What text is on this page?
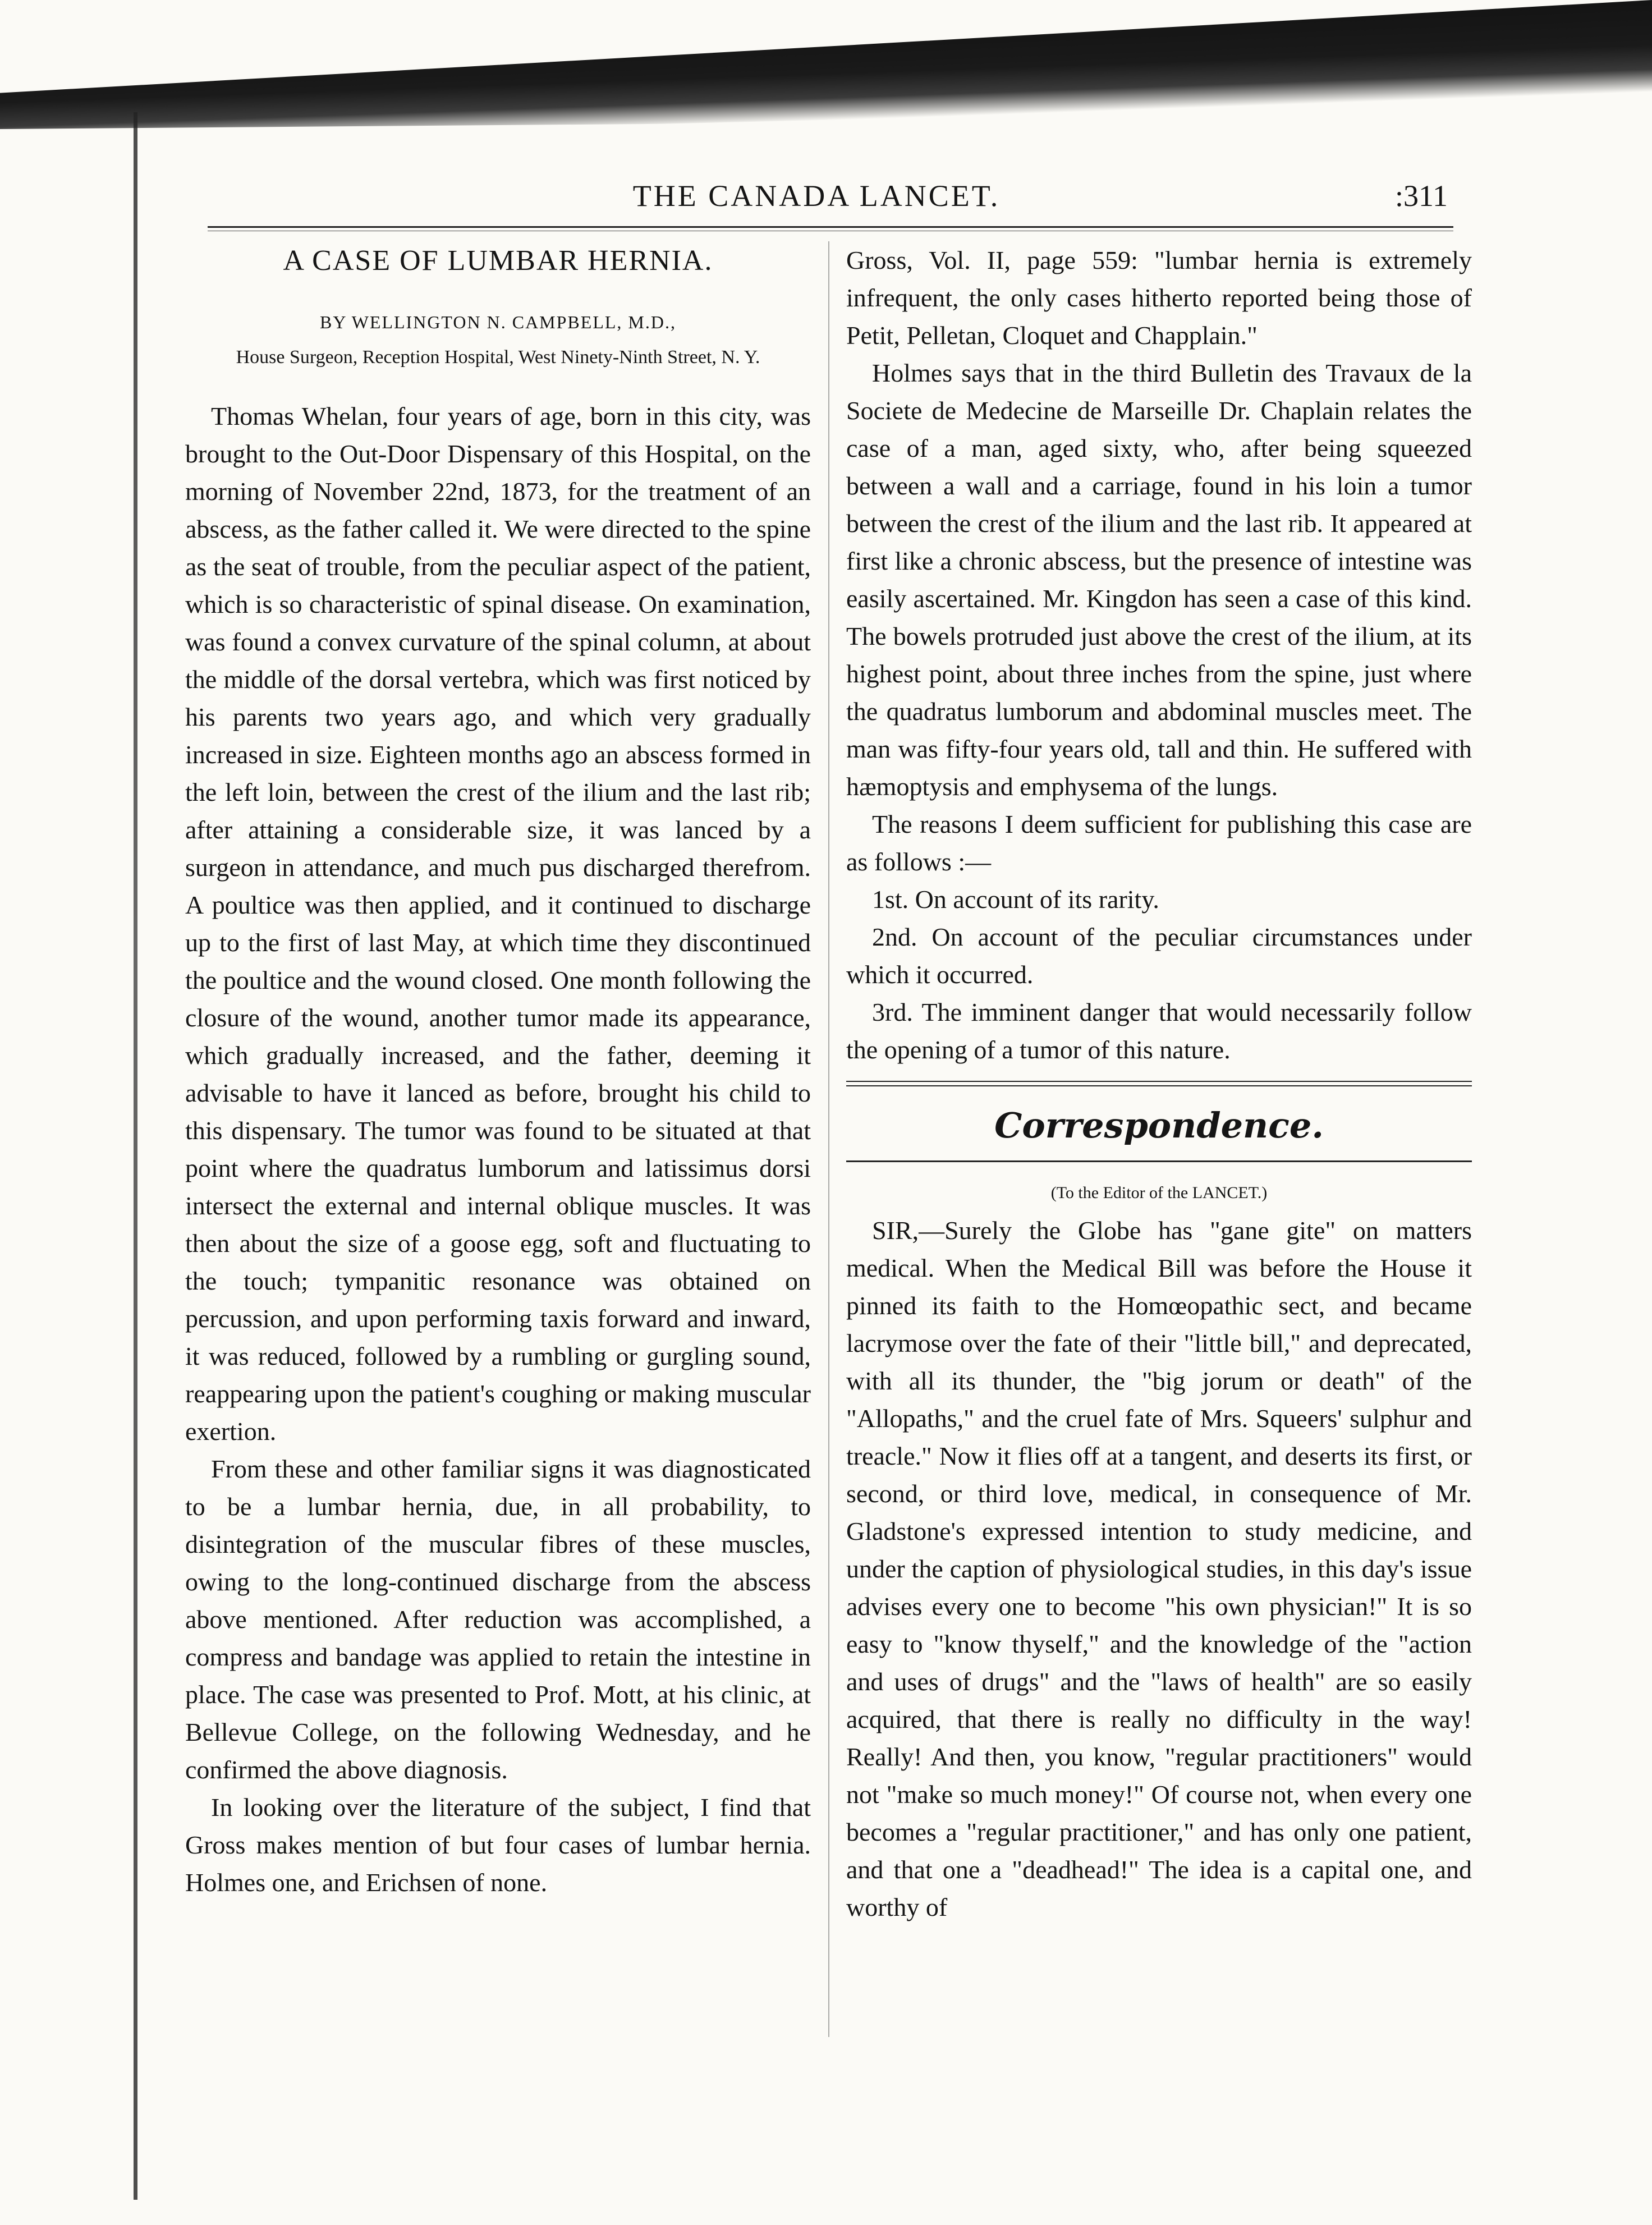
THE CANADA LANCET.	:311
A CASE OF LUMBAR HERNIA.
BY WELLINGTON N. CAMPBELL, M.D.,
House Surgeon, Reception Hospital, West Ninety-Ninth Street, N. Y.

Thomas Whelan, four years of age, born in this city, was brought to the Out-Door Dispensary of this Hospital, on the morning of November 22nd, 1873, for the treatment of an abscess, as the father called it. We were directed to the spine as the seat of trouble, from the peculiar aspect of the patient, which is so characteristic of spinal disease. On examination, was found a convex curvature of the spinal column, at about the middle of the dorsal vertebra, which was first noticed by his parents two years ago, and which very gradually increased in size. Eighteen months ago an abscess formed in the left loin, between the crest of the ilium and the last rib; after attaining a considerable size, it was lanced by a surgeon in attendance, and much pus discharged therefrom. A poultice was then applied, and it continued to discharge up to the first of last May, at which time they discontinued the poultice and the wound closed. One month following the closure of the wound, another tumor made its appearance, which gradually increased, and the father, deeming it advisable to have it lanced as before, brought his child to this dispensary. The tumor was found to be situated at that point where the quadratus lumborum and latissimus dorsi intersect the external and internal oblique muscles. It was then about the size of a goose egg, soft and fluctuating to the touch; tympanitic resonance was obtained on percussion, and upon performing taxis forward and inward, it was reduced, followed by a rumbling or gurgling sound, reappearing upon the patient's coughing or making muscular exertion.

From these and other familiar signs it was diagnosticated to be a lumbar hernia, due, in all probability, to disintegration of the muscular fibres of these muscles, owing to the long-continued discharge from the abscess above mentioned. After reduction was accomplished, a compress and bandage was applied to retain the intestine in place. The case was presented to Prof. Mott, at his clinic, at Bellevue College, on the following Wednesday, and he confirmed the above diagnosis.

In looking over the literature of the subject, I find that Gross makes mention of but four cases of lumbar hernia. Holmes one, and Erichsen of none.

Gross, Vol. II, page 559: "lumbar hernia is extremely infrequent, the only cases hitherto reported being those of Petit, Pelletan, Cloquet and Chapplain."

Holmes says that in the third Bulletin des Travaux de la Societe de Medecine de Marseille Dr. Chaplain relates the case of a man, aged sixty, who, after being squeezed between a wall and a carriage, found in his loin a tumor between the crest of the ilium and the last rib. It appeared at first like a chronic abscess, but the presence of intestine was easily ascertained. Mr. Kingdon has seen a case of this kind. The bowels protruded just above the crest of the ilium, at its highest point, about three inches from the spine, just where the quadratus lumborum and abdominal muscles meet. The man was fifty-four years old, tall and thin. He suffered with hæmoptysis and emphysema of the lungs.

The reasons I deem sufficient for publishing this case are as follows :—

1st. On account of its rarity.

2nd. On account of the peculiar circumstances under which it occurred.

3rd. The imminent danger that would necessarily follow the opening of a tumor of this nature.

Correspondence.
(To the Editor of the LANCET.)

SIR,—Surely the Globe has "gane gite" on matters medical. When the Medical Bill was before the House it pinned its faith to the Homœopathic sect, and became lacrymose over the fate of their "little bill," and deprecated, with all its thunder, the "big jorum or death" of the "Allopaths," and the cruel fate of Mrs. Squeers' sulphur and treacle." Now it flies off at a tangent, and deserts its first, or second, or third love, medical, in consequence of Mr. Gladstone's expressed intention to study medicine, and under the caption of physiological studies, in this day's issue advises every one to become "his own physician!" It is so easy to "know thyself," and the knowledge of the "action and uses of drugs" and the "laws of health" are so easily acquired, that there is really no difficulty in the way! Really! And then, you know, "regular practitioners" would not "make so much money!" Of course not, when every one becomes a "regular practitioner," and has only one patient, and that one a "deadhead!" The idea is a capital one, and worthy of
